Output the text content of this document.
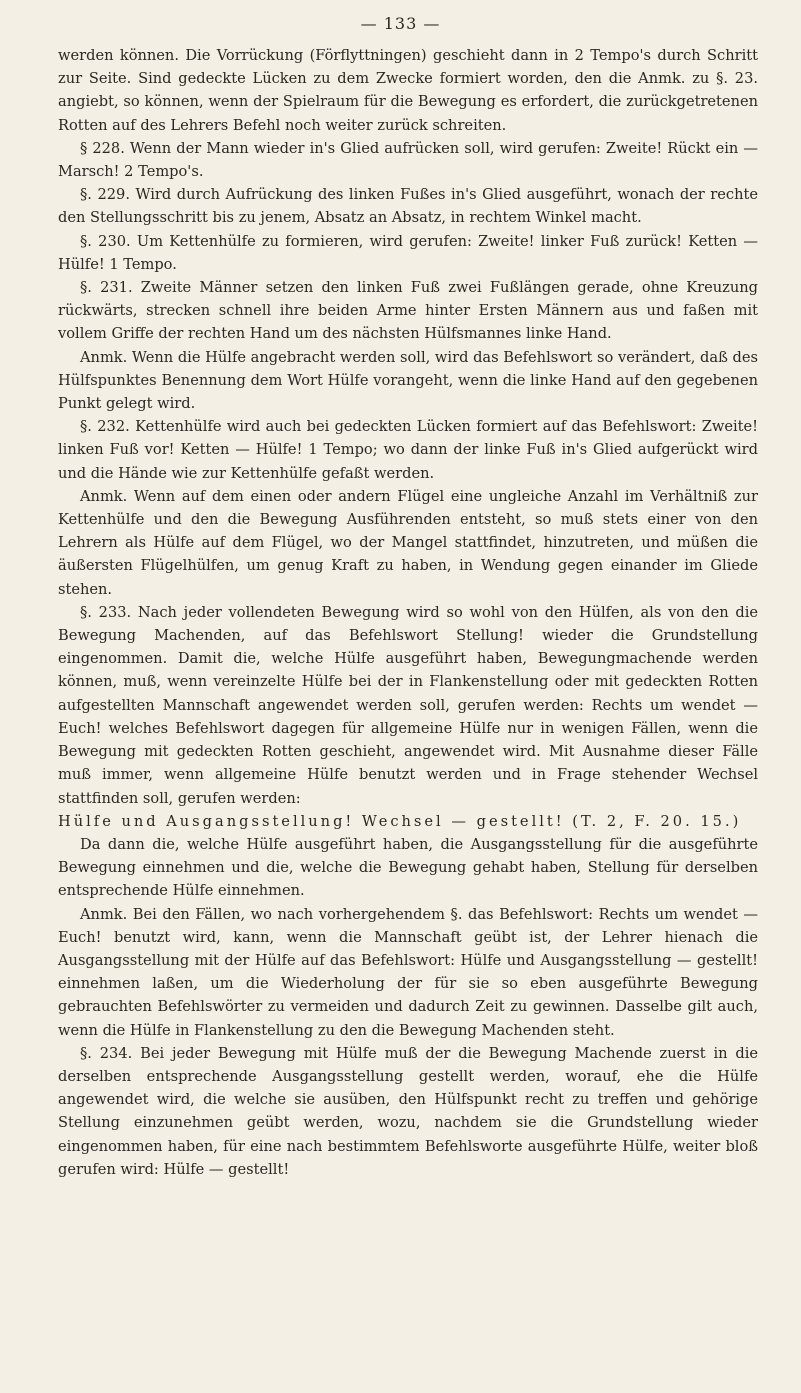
— 133 —

werden können. Die Vorrückung (Förflyttningen) geschieht dann in 2 Tempo's durch Schritt zur Seite. Sind gedeckte Lücken zu dem Zwecke formiert worden, den die Anmk. zu §. 23. angiebt, so können, wenn der Spielraum für die Bewegung es erfordert, die zurückgetretenen Rotten auf des Lehrers Befehl noch weiter zurück schreiten.

§ 228. Wenn der Mann wieder in's Glied aufrücken soll, wird gerufen: Zweite! Rückt ein — Marsch! 2 Tempo's.

§. 229. Wird durch Aufrückung des linken Fußes in's Glied ausgeführt, wonach der rechte den Stellungsschritt bis zu jenem, Absatz an Absatz, in rechtem Winkel macht.

§. 230. Um Kettenhülfe zu formieren, wird gerufen: Zweite! linker Fuß zurück! Ketten — Hülfe! 1 Tempo.

§. 231. Zweite Männer setzen den linken Fuß zwei Fußlängen gerade, ohne Kreuzung rückwärts, strecken schnell ihre beiden Arme hinter Ersten Männern aus und faßen mit vollem Griffe der rechten Hand um des nächsten Hülfsmannes linke Hand.

Anmk. Wenn die Hülfe angebracht werden soll, wird das Befehlswort so verändert, daß des Hülfspunktes Benennung dem Wort Hülfe vorangeht, wenn die linke Hand auf den gegebenen Punkt gelegt wird.

§. 232. Kettenhülfe wird auch bei gedeckten Lücken formiert auf das Befehlswort: Zweite! linken Fuß vor! Ketten — Hülfe! 1 Tempo; wo dann der linke Fuß in's Glied aufgerückt wird und die Hände wie zur Kettenhülfe gefaßt werden.

Anmk. Wenn auf dem einen oder andern Flügel eine ungleiche Anzahl im Verhältniß zur Kettenhülfe und den die Bewegung Ausführenden entsteht, so muß stets einer von den Lehrern als Hülfe auf dem Flügel, wo der Mangel stattfindet, hinzutreten, und müßen die äußersten Flügelhülfen, um genug Kraft zu haben, in Wendung gegen einander im Gliede stehen.

§. 233. Nach jeder vollendeten Bewegung wird so wohl von den Hülfen, als von den die Bewegung Machenden, auf das Befehlswort Stellung! wieder die Grundstellung eingenommen. Damit die, welche Hülfe ausgeführt haben, Bewegungmachende werden können, muß, wenn vereinzelte Hülfe bei der in Flankenstellung oder mit gedeckten Rotten aufgestellten Mannschaft angewendet werden soll, gerufen werden: Rechts um wendet — Euch! welches Befehlswort dagegen für allgemeine Hülfe nur in wenigen Fällen, wenn die Bewegung mit gedeckten Rotten geschieht, angewendet wird. Mit Ausnahme dieser Fälle muß immer, wenn allgemeine Hülfe benutzt werden und in Frage stehender Wechsel stattfinden soll, gerufen werden:

Hülfe und Ausgangsstellung! Wechsel — gestellt! (T. 2, F. 20. 15.)

Da dann die, welche Hülfe ausgeführt haben, die Ausgangsstellung für die ausgeführte Bewegung einnehmen und die, welche die Bewegung gehabt haben, Stellung für derselben entsprechende Hülfe einnehmen.

Anmk. Bei den Fällen, wo nach vorhergehendem §. das Befehlswort: Rechts um wendet — Euch! benutzt wird, kann, wenn die Mannschaft geübt ist, der Lehrer hienach die Ausgangsstellung mit der Hülfe auf das Befehlswort: Hülfe und Ausgangsstellung — gestellt! einnehmen laßen, um die Wiederholung der für sie so eben ausgeführte Bewegung gebrauchten Befehlswörter zu vermeiden und dadurch Zeit zu gewinnen. Dasselbe gilt auch, wenn die Hülfe in Flankenstellung zu den die Bewegung Machenden steht.

§. 234. Bei jeder Bewegung mit Hülfe muß der die Bewegung Machende zuerst in die derselben entsprechende Ausgangsstellung gestellt werden, worauf, ehe die Hülfe angewendet wird, die welche sie ausüben, den Hülfspunkt recht zu treffen und gehörige Stellung einzunehmen geübt werden, wozu, nachdem sie die Grundstellung wieder eingenommen haben, für eine nach bestimmtem Befehlsworte ausgeführte Hülfe, weiter bloß gerufen wird: Hülfe — gestellt!
